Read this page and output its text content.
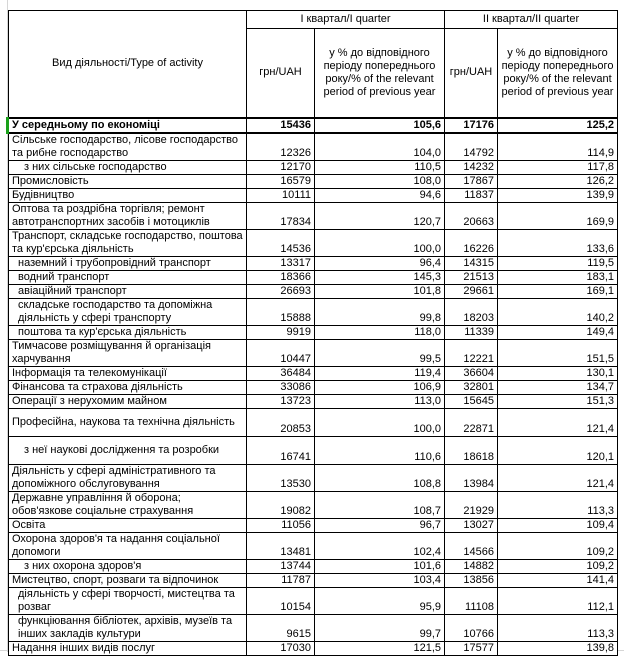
Вид діяльності/Type of activity	I квартал/I quarter		II квартал/II quarter	
	грн/UAH	у % до відповідного періоду попереднього року/% of the relevant period of previous year	грн/UAH	у % до відповідного періоду попереднього року/% of the relevant period of previous year
У середньому по економіці	15436	105,6	17176	125,2
Сільське господарство, лісове господарство та рибне господарство	12326	104,0	14792	114,9
з них сільське господарство	12170	110,5	14232	117,8
Промисловість	16579	108,0	17867	126,2
Будівництво	10111	94,6	11837	139,9
Оптова та роздрібна торгівля; ремонт автотранспортних засобів і мотоциклів	17834	120,7	20663	169,9
Транспорт, складське господарство, поштова та кур'єрська діяльність	14536	100,0	16226	133,6
наземний і трубопровідний транспорт	13317	96,4	14315	119,5
водний транспорт	18366	145,3	21513	183,1
авіаційний транспорт	26693	101,8	29661	169,1
складське господарство та допоміжна діяльність у сфері транспорту	15888	99,8	18203	140,2
поштова та кур'єрська діяльність	9919	118,0	11339	149,4
Тимчасове розміщування й організація харчування	10447	99,5	12221	151,5
Інформація та телекомунікації	36484	119,4	36604	130,1
Фінансова та страхова діяльність	33086	106,9	32801	134,7
Операції з нерухомим майном	13723	113,0	15645	151,3
Професійна, наукова та технічна діяльність	20853	100,0	22871	121,4
з неї наукові дослідження та розробки	16741	110,6	18618	120,1
Діяльність у сфері адміністративного та допоміжного обслуговування	13530	108,8	13984	121,4
Державне управління й оборона; обов'язкове соціальне страхування	19082	108,7	21929	113,3
Освіта	11056	96,7	13027	109,4
Охорона здоров'я та надання соціальної допомоги	13481	102,4	14566	109,2
з них охорона здоров'я	13744	101,6	14882	109,2
Мистецтво, спорт, розваги та відпочинок	11787	103,4	13856	141,4
діяльність у сфері творчості, мистецтва та розваг	10154	95,9	11108	112,1
функціювання бібліотек, архівів, музеїв та інших закладів культури	9615	99,7	10766	113,3
Надання інших видів послуг	17030	121,5	17577	139,8
